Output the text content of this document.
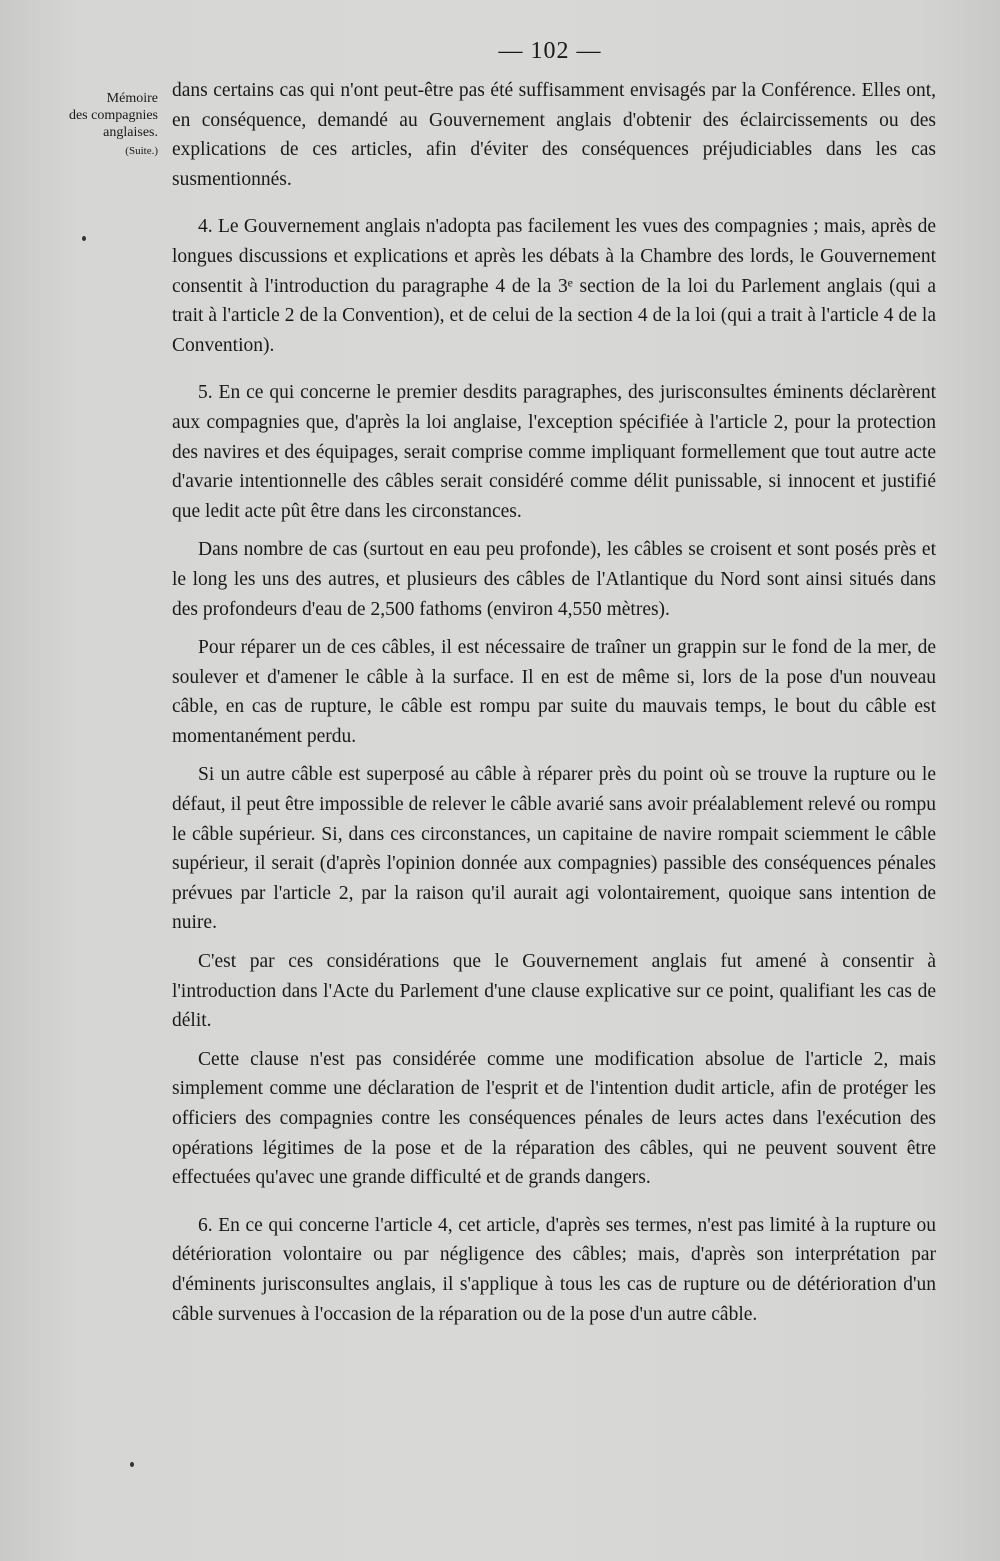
— 102 —
Mémoire
des compagnies
anglaises.
(Suite.)

dans certains cas qui n'ont peut-être pas été suffisamment envisagés par la Conférence. Elles ont, en conséquence, demandé au Gouvernement anglais d'obtenir des éclaircissements ou des explications de ces articles, afin d'éviter des conséquences préjudiciables dans les cas susmentionnés.

4. Le Gouvernement anglais n'adopta pas facilement les vues des compagnies ; mais, après de longues discussions et explications et après les débats à la Chambre des lords, le Gouvernement consentit à l'introduction du paragraphe 4 de la 3ᵉ section de la loi du Parlement anglais (qui a trait à l'article 2 de la Convention), et de celui de la section 4 de la loi (qui a trait à l'article 4 de la Convention).

5. En ce qui concerne le premier desdits paragraphes, des jurisconsultes éminents déclarèrent aux compagnies que, d'après la loi anglaise, l'exception spécifiée à l'article 2, pour la protection des navires et des équipages, serait comprise comme impliquant formellement que tout autre acte d'avarie intentionnelle des câbles serait considéré comme délit punissable, si innocent et justifié que ledit acte pût être dans les circonstances.

Dans nombre de cas (surtout en eau peu profonde), les câbles se croisent et sont posés près et le long les uns des autres, et plusieurs des câbles de l'Atlantique du Nord sont ainsi situés dans des profondeurs d'eau de 2,500 fathoms (environ 4,550 mètres).

Pour réparer un de ces câbles, il est nécessaire de traîner un grappin sur le fond de la mer, de soulever et d'amener le câble à la surface. Il en est de même si, lors de la pose d'un nouveau câble, en cas de rupture, le câble est rompu par suite du mauvais temps, le bout du câble est momentanément perdu.

Si un autre câble est superposé au câble à réparer près du point où se trouve la rupture ou le défaut, il peut être impossible de relever le câble avarié sans avoir préalablement relevé ou rompu le câble supérieur. Si, dans ces circonstances, un capitaine de navire rompait sciemment le câble supérieur, il serait (d'après l'opinion donnée aux compagnies) passible des conséquences pénales prévues par l'article 2, par la raison qu'il aurait agi volontairement, quoique sans intention de nuire.

C'est par ces considérations que le Gouvernement anglais fut amené à consentir à l'introduction dans l'Acte du Parlement d'une clause explicative sur ce point, qualifiant les cas de délit.

Cette clause n'est pas considérée comme une modification absolue de l'article 2, mais simplement comme une déclaration de l'esprit et de l'intention dudit article, afin de protéger les officiers des compagnies contre les conséquences pénales de leurs actes dans l'exécution des opérations légitimes de la pose et de la réparation des câbles, qui ne peuvent souvent être effectuées qu'avec une grande difficulté et de grands dangers.

6. En ce qui concerne l'article 4, cet article, d'après ses termes, n'est pas limité à la rupture ou détérioration volontaire ou par négligence des câbles; mais, d'après son interprétation par d'éminents jurisconsultes anglais, il s'applique à tous les cas de rupture ou de détérioration d'un câble survenues à l'occasion de la réparation ou de la pose d'un autre câble.
